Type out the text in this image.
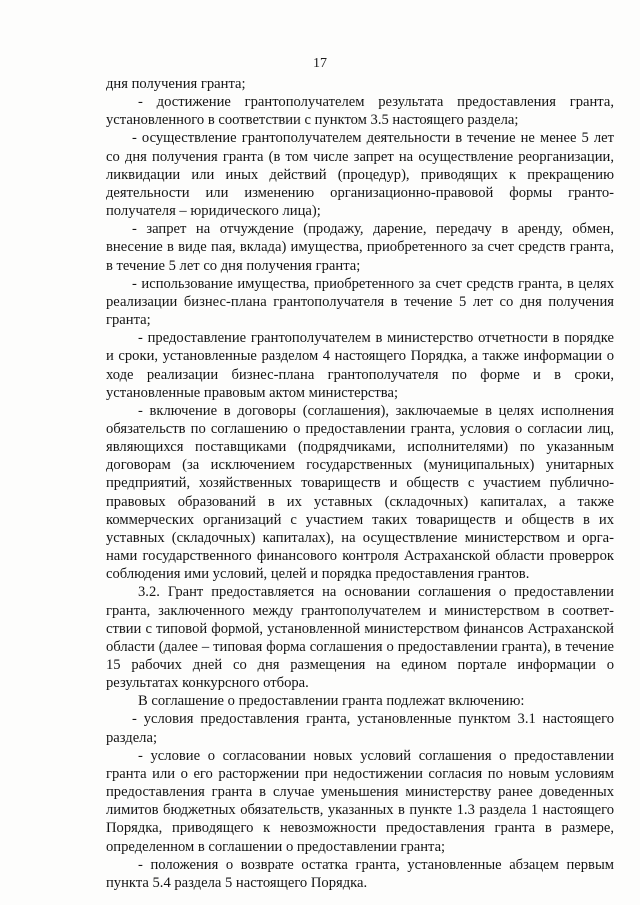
17

дня получения гранта;

- достижение грантополучателем результата предоставления гранта, установленного в соответствии с пунктом 3.5 настоящего раздела;

- осуществление грантополучателем деятельности в течение не менее 5 лет со дня получения гранта (в том числе запрет на осуществление реорганизации, ликвидации или иных действий (процедур), приводящих к прекращению деятельности или изменению организационно-правовой формы грантополучателя – юридического лица);

- запрет на отчуждение (продажу, дарение, передачу в аренду, обмен, внесение в виде пая, вклада) имущества, приобретенного за счет средств гранта, в течение 5 лет со дня получения гранта;

- использование имущества, приобретенного за счет средств гранта, в целях реализации бизнес-плана грантополучателя в течение 5 лет со дня получения гранта;

- предоставление грантополучателем в министерство отчетности в порядке и сроки, установленные разделом 4 настоящего Порядка, а также информации о ходе реализации бизнес-плана грантополучателя по форме и в сроки, установленные правовым актом министерства;

- включение в договоры (соглашения), заключаемые в целях исполнения обязательств по соглашению о предоставлении гранта, условия о согласии лиц, являющихся поставщиками (подрядчиками, исполнителями) по указанным договорам (за исключением государственных (муниципальных) унитарных предприятий, хозяйственных товариществ и обществ с участием публично-правовых образований в их уставных (складочных) капиталах, а также коммерческих организаций с участием таких товариществ и обществ в их уставных (складочных) капиталах), на осуществление министерством и органами государственного финансового контроля Астраханской области проверрок соблюдения ими условий, целей и порядка предоставления грантов.

3.2. Грант предоставляется на основании соглашения о предоставлении гранта, заключенного между грантополучателем и министерством в соответствии с типовой формой, установленной министерством финансов Астраханской области (далее – типовая форма соглашения о предоставлении гранта), в течение 15 рабочих дней со дня размещения на едином портале информации о результатах конкурсного отбора.

В соглашение о предоставлении гранта подлежат включению:

- условия предоставления гранта, установленные пунктом 3.1 настоящего раздела;

- условие о согласовании новых условий соглашения о предоставлении гранта или о его расторжении при недостижении согласия по новым условиям предоставления гранта в случае уменьшения министерству ранее доведенных лимитов бюджетных обязательств, указанных в пункте 1.3 раздела 1 настоящего Порядка, приводящего к невозможности предоставления гранта в размере, определенном в соглашении о предоставлении гранта;

- положения о возврате остатка гранта, установленные абзацем первым пункта 5.4 раздела 5 настоящего Порядка.
